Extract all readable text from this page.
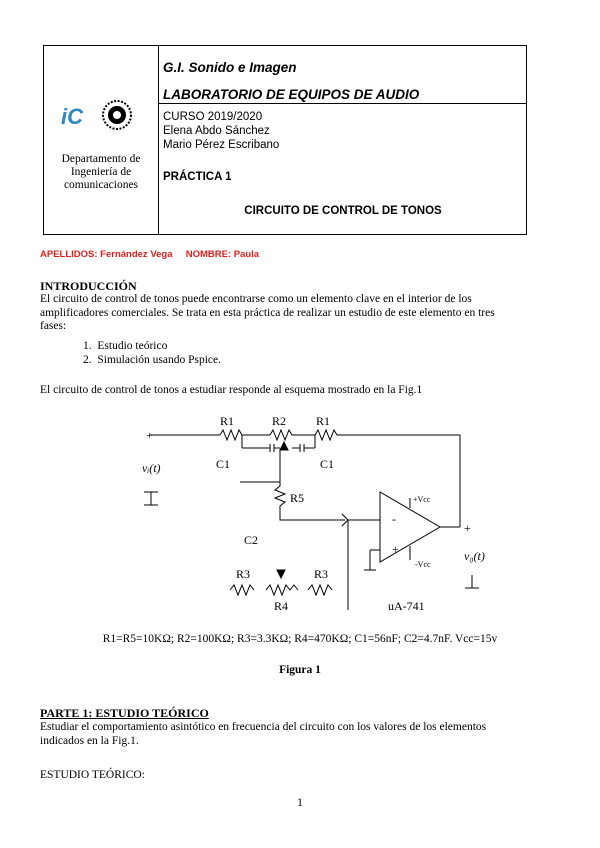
iC
Departamento de
Ingeniería de
comunicaciones
G.I. Sonido e Imagen
LABORATORIO DE EQUIPOS DE AUDIO
CURSO 2019/2020
Elena Abdo Sánchez
Mario Pérez Escribano
PRÁCTICA 1
CIRCUITO DE CONTROL DE TONOS
APELLIDOS: Fernández Vega NOMBRE: Paula
INTRODUCCIÓN
El circuito de control de tonos puede encontrarse como un elemento clave en el interior de los
amplificadores comerciales. Se trata en esta práctica de realizar un estudio de este elemento en tres
fases:
1.  Estudio teórico
2.  Simulación usando Pspice.
El circuito de control de tonos a estudiar responde al esquema mostrado en la Fig.1
+
vᵢ(t)
R1	R2 R1
C1	C1
R5
-
+
+Vcc
-Vcc
+
v₀(t)
C2
R3
R4
R3
uA-741
R1=R5=10KΩ; R2=100KΩ; R3=3.3KΩ; R4=470KΩ; C1=56nF; C2=4.7nF. Vcc=15v
Figura 1
PARTE 1: ESTUDIO TEÓRICO
Estudiar el comportamiento asintótico en frecuencia del circuito con los valores de los elementos
indicados en la Fig.1.
ESTUDIO TEÓRICO:
1
